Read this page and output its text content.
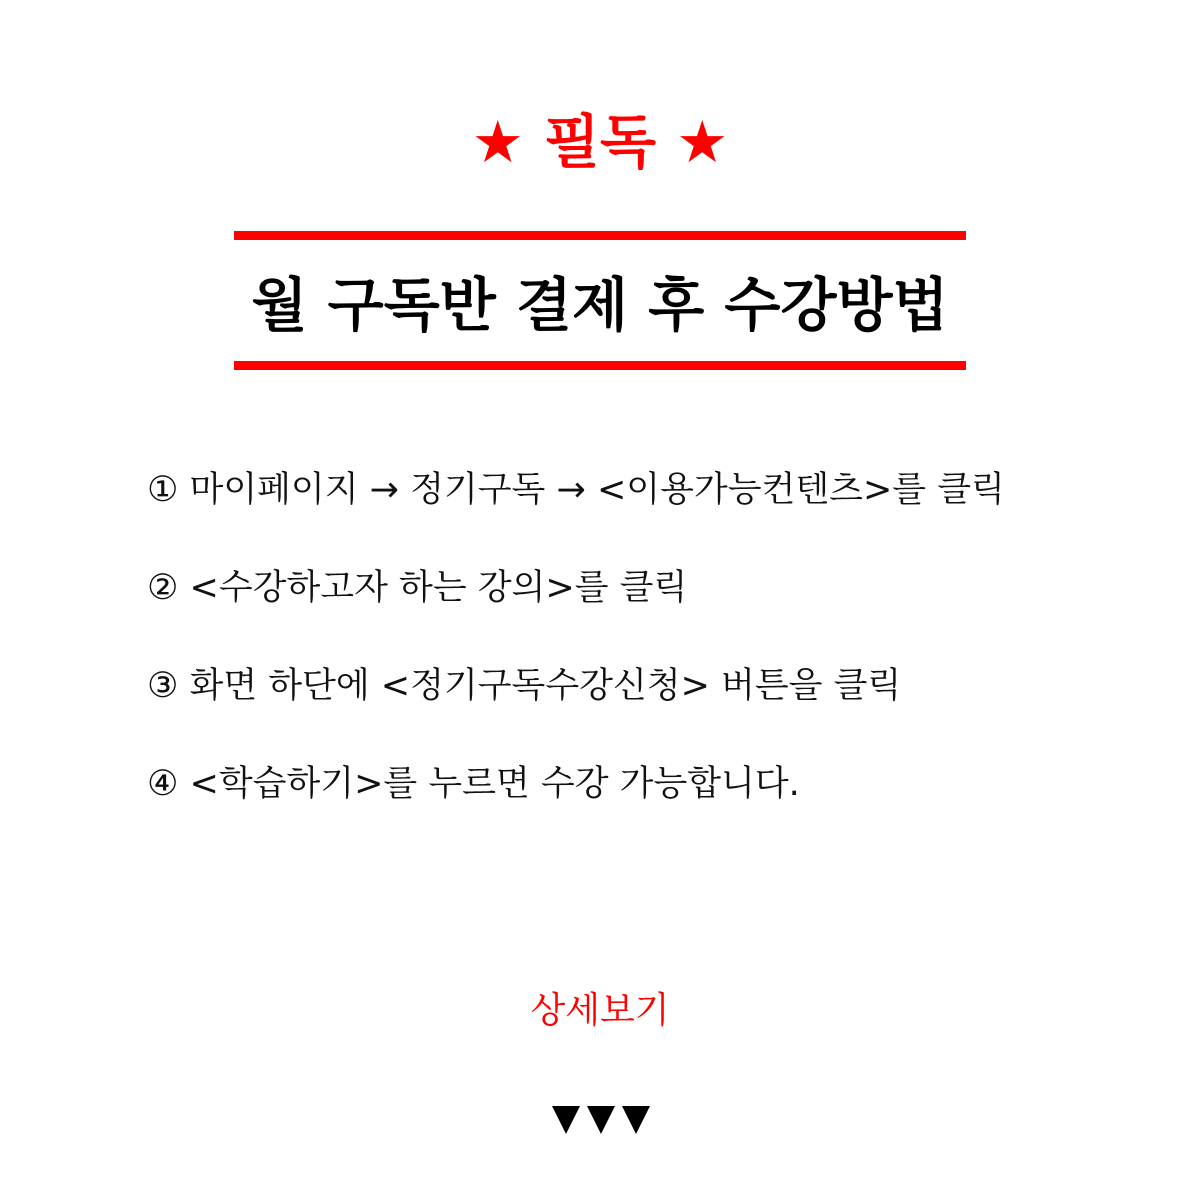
★ 필독 ★
월 구독반 결제 후 수강방법
① 마이페이지 → 정기구독 → <이용가능컨텐츠>를 클릭
② <수강하고자 하는 강의>를 클릭
③ 화면 하단에 <정기구독수강신청> 버튼을 클릭
④ <학습하기>를 누르면 수강 가능합니다.
상세보기
